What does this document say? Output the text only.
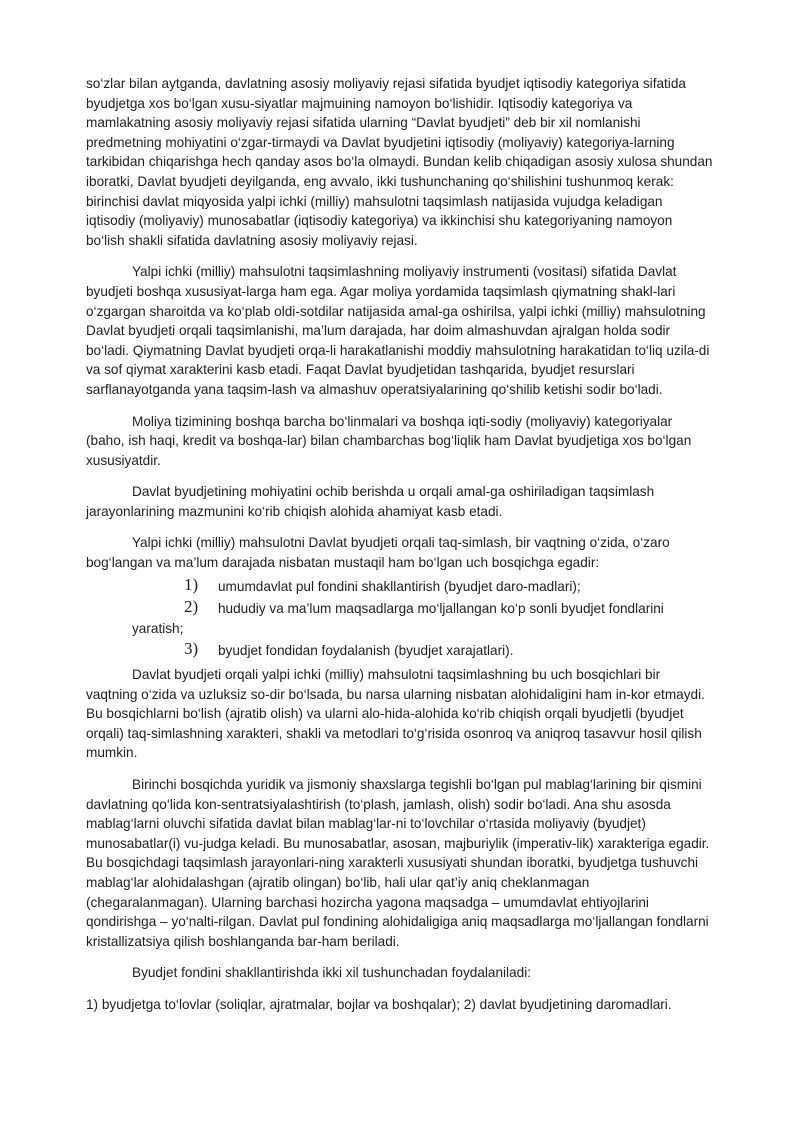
so‘zlar bilan aytganda, davlatning asosiy moliyaviy rejasi sifatida byudjet iqtisodiy kategoriya sifatida byudjetga xos bo‘lgan xusu-siyatlar majmuining namoyon bo‘lishidir. Iqtisodiy kategoriya va mamlakatning asosiy moliyaviy rejasi sifatida ularning “Davlat byudjeti” deb bir xil nomlanishi predmetning mohiyatini o‘zgar-tirmaydi va Davlat byudjetini iqtisodiy (moliyaviy) kategoriya-larning tarkibidan chiqarishga hech qanday asos bo‘la olmaydi. Bundan kelib chiqadigan asosiy xulosa shundan iboratki, Davlat byudjeti deyilganda, eng avvalo, ikki tushunchaning qo‘shilishini tushunmoq kerak: birinchisi davlat miqyosida yalpi ichki (milliy) mahsulotni taqsimlash natijasida vujudga keladigan iqtisodiy (moliyaviy) munosabatlar (iqtisodiy kategoriya) va ikkinchisi shu kategoriyaning namoyon bo‘lish shakli sifatida davlatning asosiy moliyaviy rejasi.

Yalpi ichki (milliy) mahsulotni taqsimlashning moliyaviy instrumenti (vositasi) sifatida Davlat byudjeti boshqa xususiyat-larga ham ega. Agar moliya yordamida taqsimlash qiymatning shakl-lari o‘zgargan sharoitda va ko‘plab oldi-sotdilar natijasida amal-ga oshirilsa, yalpi ichki (milliy) mahsulotning Davlat byudjeti orqali taqsimlanishi, ma’lum darajada, har doim almashuvdan ajralgan holda sodir bo‘ladi. Qiymatning Davlat byudjeti orqa-li harakatlanishi moddiy mahsulotning harakatidan to‘liq uzila-di va sof qiymat xarakterini kasb etadi. Faqat Davlat byudjetidan tashqarida, byudjet resurslari sarflanayotganda yana taqsim-lash va almashuv operatsiyalarining qo‘shilib ketishi sodir bo‘ladi.

Moliya tizimining boshqa barcha bo‘linmalari va boshqa iqti-sodiy (moliyaviy) kategoriyalar (baho, ish haqi, kredit va boshqa-lar) bilan chambarchas bog‘liqlik ham Davlat byudjetiga xos bo‘lgan xususiyatdir.

Davlat byudjetining mohiyatini ochib berishda u orqali amal-ga oshiriladigan taqsimlash jarayonlarining mazmunini ko‘rib chiqish alohida ahamiyat kasb etadi.

Yalpi ichki (milliy) mahsulotni Davlat byudjeti orqali taq-simlash, bir vaqtning o‘zida, o‘zaro bog‘langan va ma’lum darajada nisbatan mustaqil ham bo‘lgan uch bosqichga egadir:

1) umumdavlat pul fondini shakllantirish (byudjet daro-madlari);
2) hududiy va ma’lum maqsadlarga mo‘ljallangan ko‘p sonli byudjet fondlarini
yaratish;
3) byudjet fondidan foydalanish (byudjet xarajatlari).

Davlat byudjeti orqali yalpi ichki (milliy) mahsulotni taqsimlashning bu uch bosqichlari bir vaqtning o‘zida va uzluksiz so-dir bo‘lsada, bu narsa ularning nisbatan alohidaligini ham in-kor etmaydi. Bu bosqichlarni bo‘lish (ajratib olish) va ularni alo-hida-alohida ko‘rib chiqish orqali byudjetli (byudjet orqali) taq-simlashning xarakteri, shakli va metodlari to‘g‘risida osonroq va aniqroq tasavvur hosil qilish mumkin.

Birinchi bosqichda yuridik va jismoniy shaxslarga tegishli bo‘lgan pul mablag‘larining bir qismini davlatning qo‘lida kon-sentratsiyalashtirish (to‘plash, jamlash, olish) sodir bo‘ladi. Ana shu asosda mablag‘larni oluvchi sifatida davlat bilan mablag‘lar-ni to‘lovchilar o‘rtasida moliyaviy (byudjet) munosabatlar(i) vu-judga keladi. Bu munosabatlar, asosan, majburiylik (imperativ-lik) xarakteriga egadir. Bu bosqichdagi taqsimlash jarayonlari-ning xarakterli xususiyati shundan iboratki, byudjetga tushuvchi mablag‘lar alohidalashgan (ajratib olingan) bo‘lib, hali ular qat’iy aniq cheklanmagan (chegaralanmagan). Ularning barchasi hozircha yagona maqsadga – umumdavlat ehtiyojlarini qondirishga – yo‘nalti-rilgan. Davlat pul fondining alohidaligiga aniq maqsadlarga mo‘ljallangan fondlarni kristallizatsiya qilish boshlanganda bar-ham beriladi.

Byudjet fondini shakllantirishda ikki xil tushunchadan foydalaniladi:

1) byudjetga to‘lovlar (soliqlar, ajratmalar, bojlar va boshqalar); 2) davlat byudjetining daromadlari.
